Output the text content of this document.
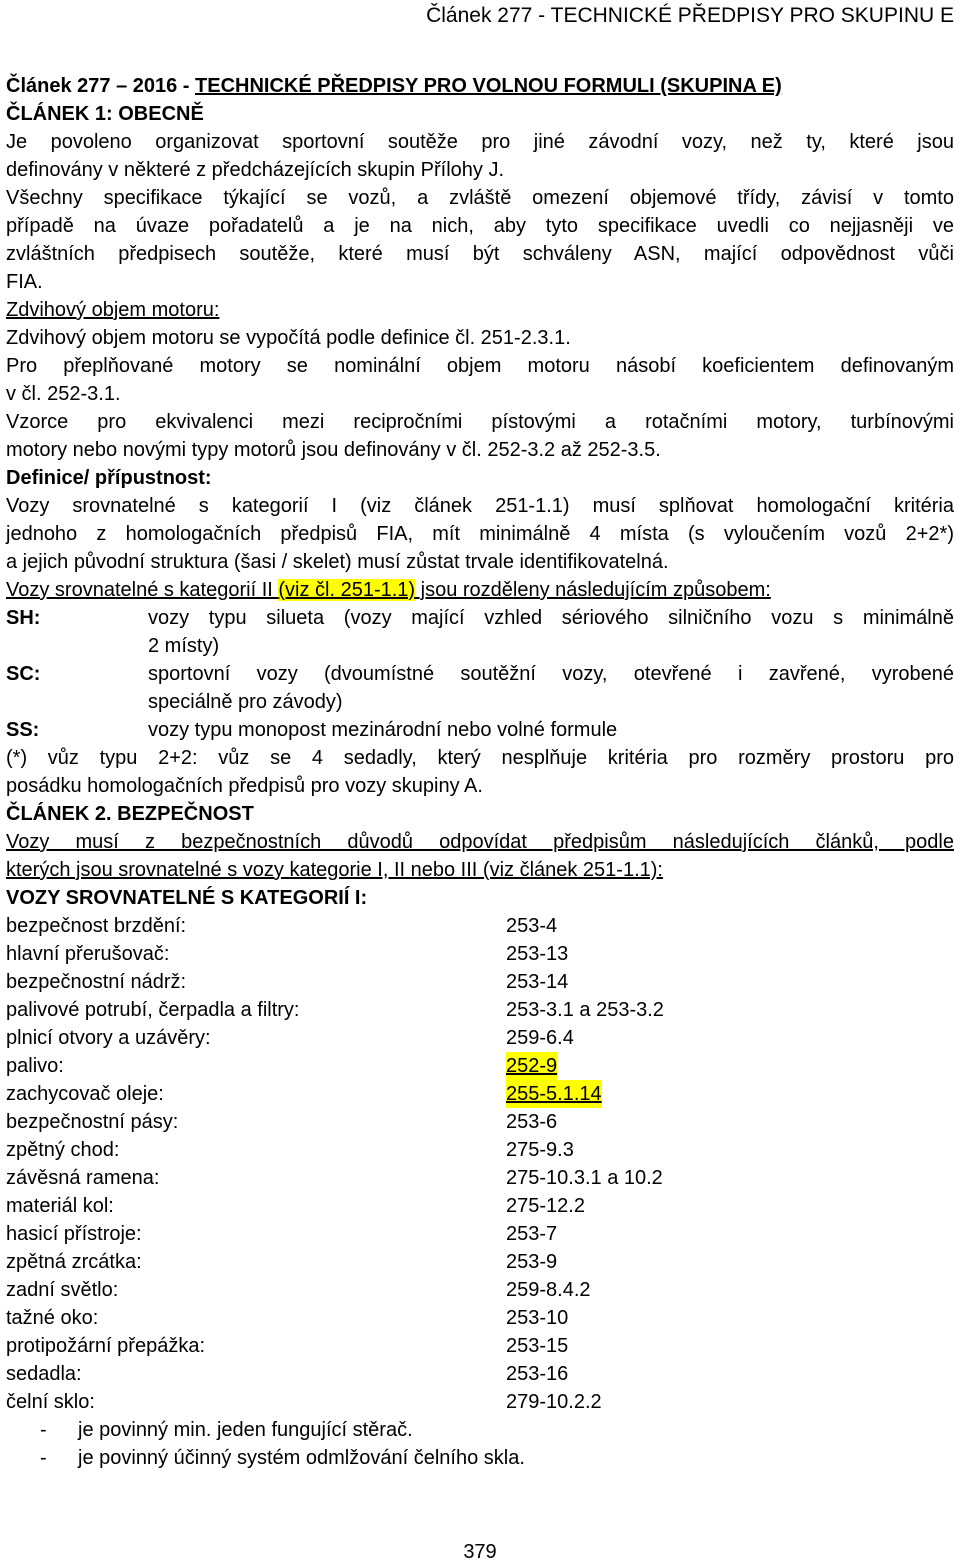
Článek 277 - TECHNICKÉ PŘEDPISY PRO SKUPINU E
Článek 277 – 2016 - TECHNICKÉ PŘEDPISY PRO VOLNOU FORMULI (SKUPINA E)
ČLÁNEK 1: OBECNĚ
Je povoleno organizovat sportovní soutěže pro jiné závodní vozy, než ty, které jsou
definovány v některé z předcházejících skupin Přílohy J.
Všechny specifikace týkající se vozů, a zvláště omezení objemové třídy, závisí v tomto
případě na úvaze pořadatelů a je na nich, aby tyto specifikace uvedli co nejjasněji ve
zvláštních předpisech soutěže, které musí být schváleny ASN, mající odpovědnost vůči
FIA.
Zdvihový objem motoru:
Zdvihový objem motoru se vypočítá podle definice čl. 251-2.3.1.
Pro přeplňované motory se nominální objem motoru násobí koeficientem definovaným
v čl. 252-3.1.
Vzorce pro ekvivalenci mezi recipročními pístovými a rotačními motory, turbínovými
motory nebo novými typy motorů jsou definovány v čl. 252-3.2 až 252-3.5.
Definice/ přípustnost:
Vozy srovnatelné s kategorií I (viz článek 251-1.1) musí splňovat homologační kritéria
jednoho z homologačních předpisů FIA, mít minimálně 4 místa (s vyloučením vozů 2+2*)
a jejich původní struktura (šasi / skelet) musí zůstat trvale identifikovatelná.
Vozy srovnatelné s kategorií II (viz čl. 251-1.1) jsou rozděleny následujícím způsobem:
SH:	vozy typu silueta (vozy mající vzhled sériového silničního vozu s minimálně
2 místy)
SC:	sportovní vozy (dvoumístné soutěžní vozy, otevřené i zavřené, vyrobené
speciálně pro závody)
SS:	vozy typu monopost mezinárodní nebo volné formule
(*) vůz typu 2+2: vůz se 4 sedadly, který nesplňuje kritéria pro rozměry prostoru pro
posádku homologačních předpisů pro vozy skupiny A.
ČLÁNEK 2. BEZPEČNOST
Vozy musí z bezpečnostních důvodů odpovídat předpisům následujících článků, podle
kterých jsou srovnatelné s vozy kategorie I, II nebo III (viz článek 251-1.1):
VOZY SROVNATELNÉ S KATEGORIÍ I:
bezpečnost brzdění:	253-4
hlavní přerušovač:	253-13
bezpečnostní nádrž:	253-14
palivové potrubí, čerpadla a filtry:	253-3.1 a 253-3.2
plnicí otvory a uzávěry:	259-6.4
palivo:	252-9
zachycovač oleje:	255-5.1.14
bezpečnostní pásy:	253-6
zpětný chod:	275-9.3
závěsná ramena:	275-10.3.1 a 10.2
materiál kol:	275-12.2
hasicí přístroje:	253-7
zpětná zrcátka:	253-9
zadní světlo:	259-8.4.2
tažné oko:	253-10
protipožární přepážka:	253-15
sedadla:	253-16
čelní sklo:	279-10.2.2
-	je povinný min. jeden fungující stěrač.
-	je povinný účinný systém odmlžování čelního skla.
379
